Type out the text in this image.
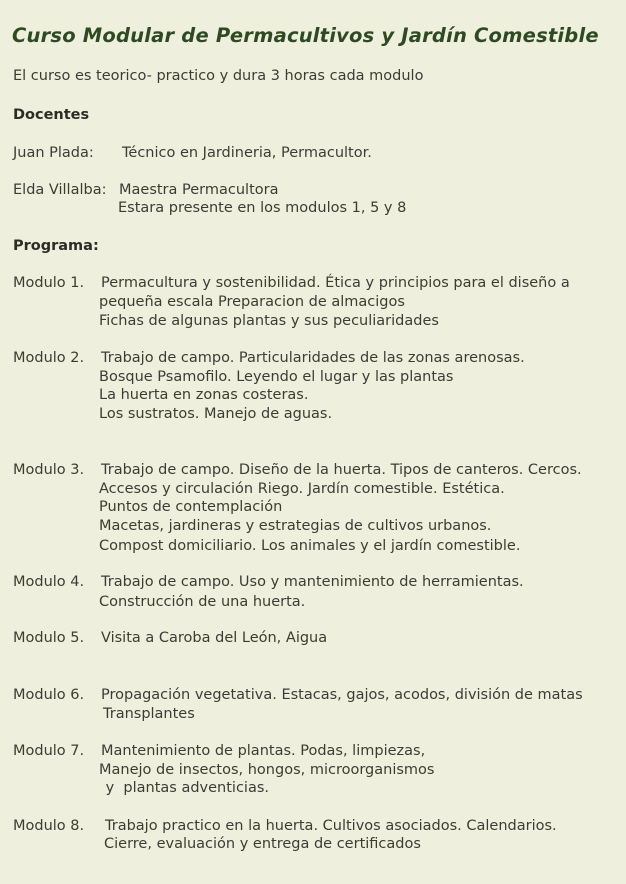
Curso Modular de Permacultivos y Jardín Comestible
El curso es teorico- practico y dura 3 horas cada modulo
Docentes
Juan Plada: Técnico en Jardineria, Permacultor.
Elda Villalba: Maestra Permacultora
Estara presente en los modulos 1, 5 y 8
Programa:
Modulo 1. Permacultura y sostenibilidad. Ética y principios para el diseño a
pequeña escala Preparacion de almacigos
Fichas de algunas plantas y sus peculiaridades
Modulo 2. Trabajo de campo. Particularidades de las zonas arenosas.
Bosque Psamofilo. Leyendo el lugar y las plantas
La huerta en zonas costeras.
Los sustratos. Manejo de aguas.
Modulo 3. Trabajo de campo. Diseño de la huerta. Tipos de canteros. Cercos.
Accesos y circulación Riego. Jardín comestible. Estética.
Puntos de contemplación
Macetas, jardineras y estrategias de cultivos urbanos.
Compost domiciliario. Los animales y el jardín comestible.
Modulo 4. Trabajo de campo. Uso y mantenimiento de herramientas.
Construcción de una huerta.
Modulo 5. Visita a Caroba del León, Aigua
Modulo 6. Propagación vegetativa. Estacas, gajos, acodos, división de matas
Transplantes
Modulo 7. Mantenimiento de plantas. Podas, limpiezas,
Manejo de insectos, hongos, microorganismos
y  plantas adventicias.
Modulo 8. Trabajo practico en la huerta. Cultivos asociados. Calendarios.
Cierre, evaluación y entrega de certificados
